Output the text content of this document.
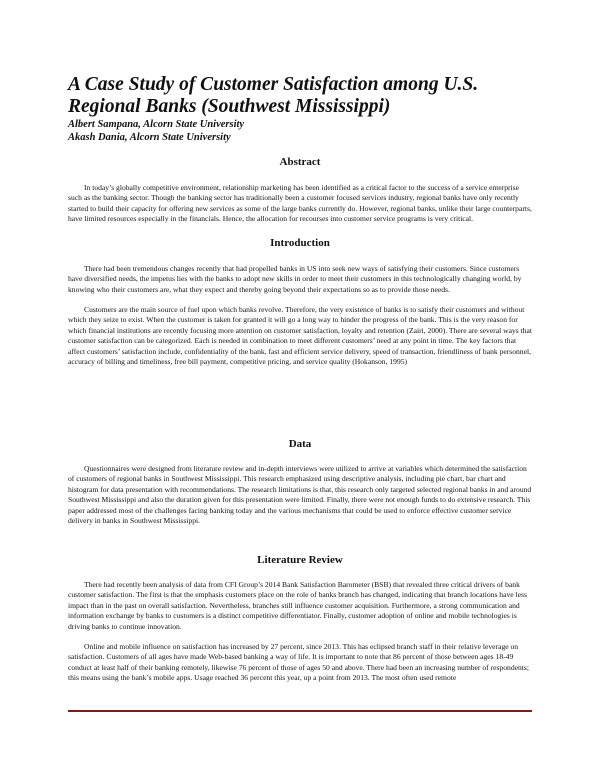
A Case Study of Customer Satisfaction among U.S. Regional Banks (Southwest Mississippi)
Albert Sampana, Alcorn State University
Akash Dania, Alcorn State University
Abstract

In today’s globally competitive environment, relationship marketing has been identified as a critical factor to the success of a service enterprise such as the banking sector. Though the banking sector has traditionally been a customer focused services industry, regional banks have only recently started to build their capacity for offering new services as some of the large banks currently do. However, regional banks, unlike their large counterparts, have limited resources especially in the financials. Hence, the allocation for recourses into customer service programs is very critical.

Introduction

There had been tremendous changes recently that had propelled banks in US into seek new ways of satisfying their customers. Since customers have diversified needs, the impetus lies with the banks to adopt new skills in order to meet their customers in this technologically changing world, by knowing who their customers are, what they expect and thereby going beyond their expectations so as to provide those needs.

Customers are the main source of fuel upon which banks revolve. Therefore, the very existence of banks is to satisfy their customers and without which they seize to exist. When the customer is taken for granted it will go a long way to hinder the progress of the bank. This is the very reason for which financial institutions are recently focusing more attention on customer satisfaction, loyalty and retention (Zairi, 2000). There are several ways that customer satisfaction can be categorized. Each is needed in combination to meet different customers’ need at any point in time. The key factors that affect customers’ satisfaction include, confidentiality of the bank, fast and efficient service delivery, speed of transaction, friendliness of bank personnel, accuracy of billing and timeliness, free bill payment, competitive pricing, and service quality (Hokanson, 1995)

Data

Questionnaires were designed from literature review and in-depth interviews were utilized to arrive at variables which determined the satisfaction of customers of regional banks in Southwest Mississippi. This research emphasized using descriptive analysis, including pie chart, bar chart and histogram for data presentation with recommendations. The research limitations is that, this research only targeted selected regional banks in and around Southwest Mississippi and also the duration given for this presentation were limited. Finally, there were not enough funds to do extensive research. This paper addressed most of the challenges facing banking today and the various mechanisms that could be used to enforce effective customer service delivery in banks in Southwest Mississippi.

Literature Review

There had recently been analysis of data from CFI Group’s 2014 Bank Satisfaction Barometer (BSB) that revealed three critical drivers of bank customer satisfaction. The first is that the emphasis customers place on the role of banks branch has changed, indicating that branch locations have less impact than in the past on overall satisfaction. Nevertheless, branches still influence customer acquisition. Furthermore, a strong communication and information exchange by banks to customers is a distinct competitive differentiator. Finally, customer adoption of online and mobile technologies is driving banks to continue innovation.

Online and mobile influence on satisfaction has increased by 27 percent, since 2013. This has eclipsed branch staff in their relative leverage on satisfaction. Customers of all ages have made Web-based banking a way of life. It is important to note that 86 percent of those between ages 18-49 conduct at least half of their banking remotely, likewise 76 percent of those of ages 50 and above. There had been an increasing number of respondents; this means using the bank’s mobile apps. Usage reached 36 percent this year, up a point from 2013. The most often used remote
